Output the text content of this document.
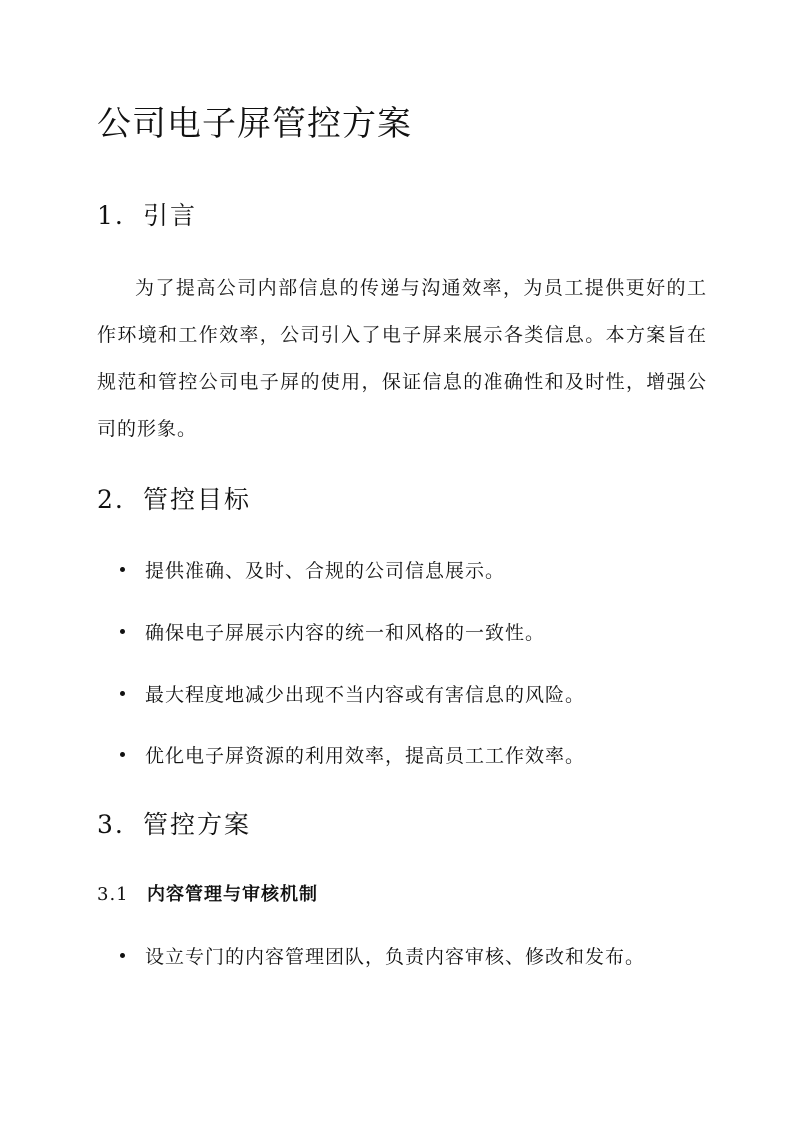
公司电子屏管控方案
1. 引言

为了提高公司内部信息的传递与沟通效率，为员工提供更好的工作环境和工作效率，公司引入了电子屏来展示各类信息。本方案旨在规范和管控公司电子屏的使用，保证信息的准确性和及时性，增强公司的形象。

2. 管控目标
提供准确、及时、合规的公司信息展示。
确保电子屏展示内容的统一和风格的一致性。
最大程度地减少出现不当内容或有害信息的风险。
优化电子屏资源的利用效率，提高员工工作效率。
3. 管控方案
3.1 内容管理与审核机制
设立专门的内容管理团队，负责内容审核、修改和发布。
